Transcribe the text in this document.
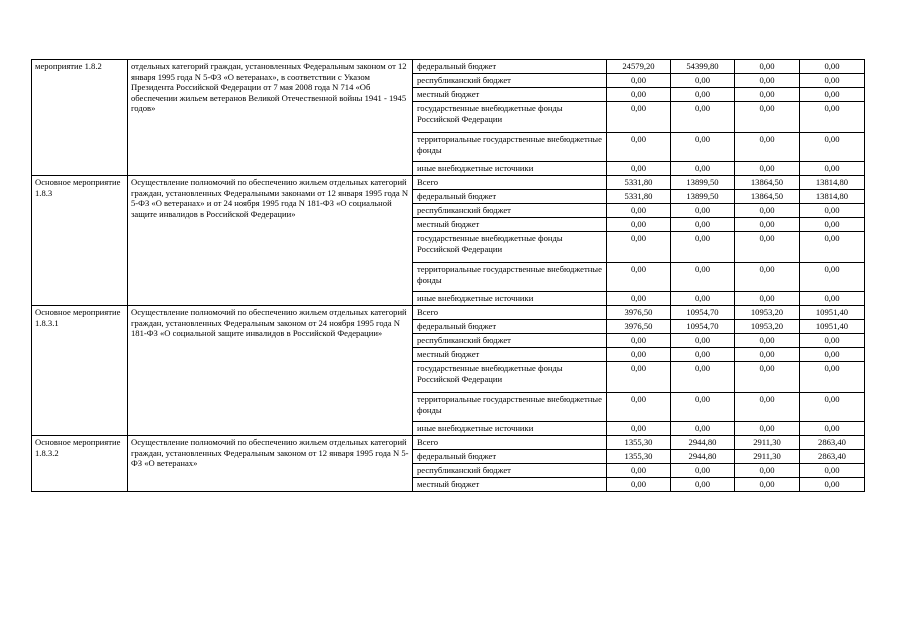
мероприятие 1.8.2	отдельных категорий граждан, установленных Федеральным законом от 12 января 1995 года N 5-ФЗ «О ветеранах», в соответствии с Указом Президента Российской Федерации от 7 мая 2008 года N 714 «Об обеспечении жильем ветеранов Великой Отечественной войны 1941 - 1945 годов»	федеральный бюджет	24579,20	54399,80	0,00	0,00
		республиканский бюджет	0,00	0,00	0,00	0,00
		местный бюджет	0,00	0,00	0,00	0,00
		государственные внебюджетные фонды Российской Федерации	0,00	0,00	0,00	0,00
		территориальные государственные внебюджетные фонды	0,00	0,00	0,00	0,00
		иные внебюджетные источники	0,00	0,00	0,00	0,00
Основное мероприятие 1.8.3	Осуществление полномочий по обеспечению жильем отдельных категорий граждан, установленных Федеральными законами от 12 января 1995 года N 5-ФЗ «О ветеранах» и от 24 ноября 1995 года N 181-ФЗ «О социальной защите инвалидов в Российской Федерации»	Всего	5331,80	13899,50	13864,50	13814,80
		федеральный бюджет	5331,80	13899,50	13864,50	13814,80
		республиканский бюджет	0,00	0,00	0,00	0,00
		местный бюджет	0,00	0,00	0,00	0,00
		государственные внебюджетные фонды Российской Федерации	0,00	0,00	0,00	0,00
		территориальные государственные внебюджетные фонды	0,00	0,00	0,00	0,00
		иные внебюджетные источники	0,00	0,00	0,00	0,00
Основное мероприятие 1.8.3.1	Осуществление полномочий по обеспечению жильем отдельных категорий граждан, установленных Федеральным законом от 24 ноября 1995 года N 181-ФЗ «О социальной защите инвалидов в Российской Федерации»	Всего	3976,50	10954,70	10953,20	10951,40
		федеральный бюджет	3976,50	10954,70	10953,20	10951,40
		республиканский бюджет	0,00	0,00	0,00	0,00
		местный бюджет	0,00	0,00	0,00	0,00
		государственные внебюджетные фонды Российской Федерации	0,00	0,00	0,00	0,00
		территориальные государственные внебюджетные фонды	0,00	0,00	0,00	0,00
		иные внебюджетные источники	0,00	0,00	0,00	0,00
Основное мероприятие 1.8.3.2	Осуществление полномочий по обеспечению жильем отдельных категорий граждан, установленных Федеральным законом от 12 января 1995 года N 5-ФЗ «О ветеранах»	Всего	1355,30	2944,80	2911,30	2863,40
		федеральный бюджет	1355,30	2944,80	2911,30	2863,40
		республиканский бюджет	0,00	0,00	0,00	0,00
		местный бюджет	0,00	0,00	0,00	0,00
